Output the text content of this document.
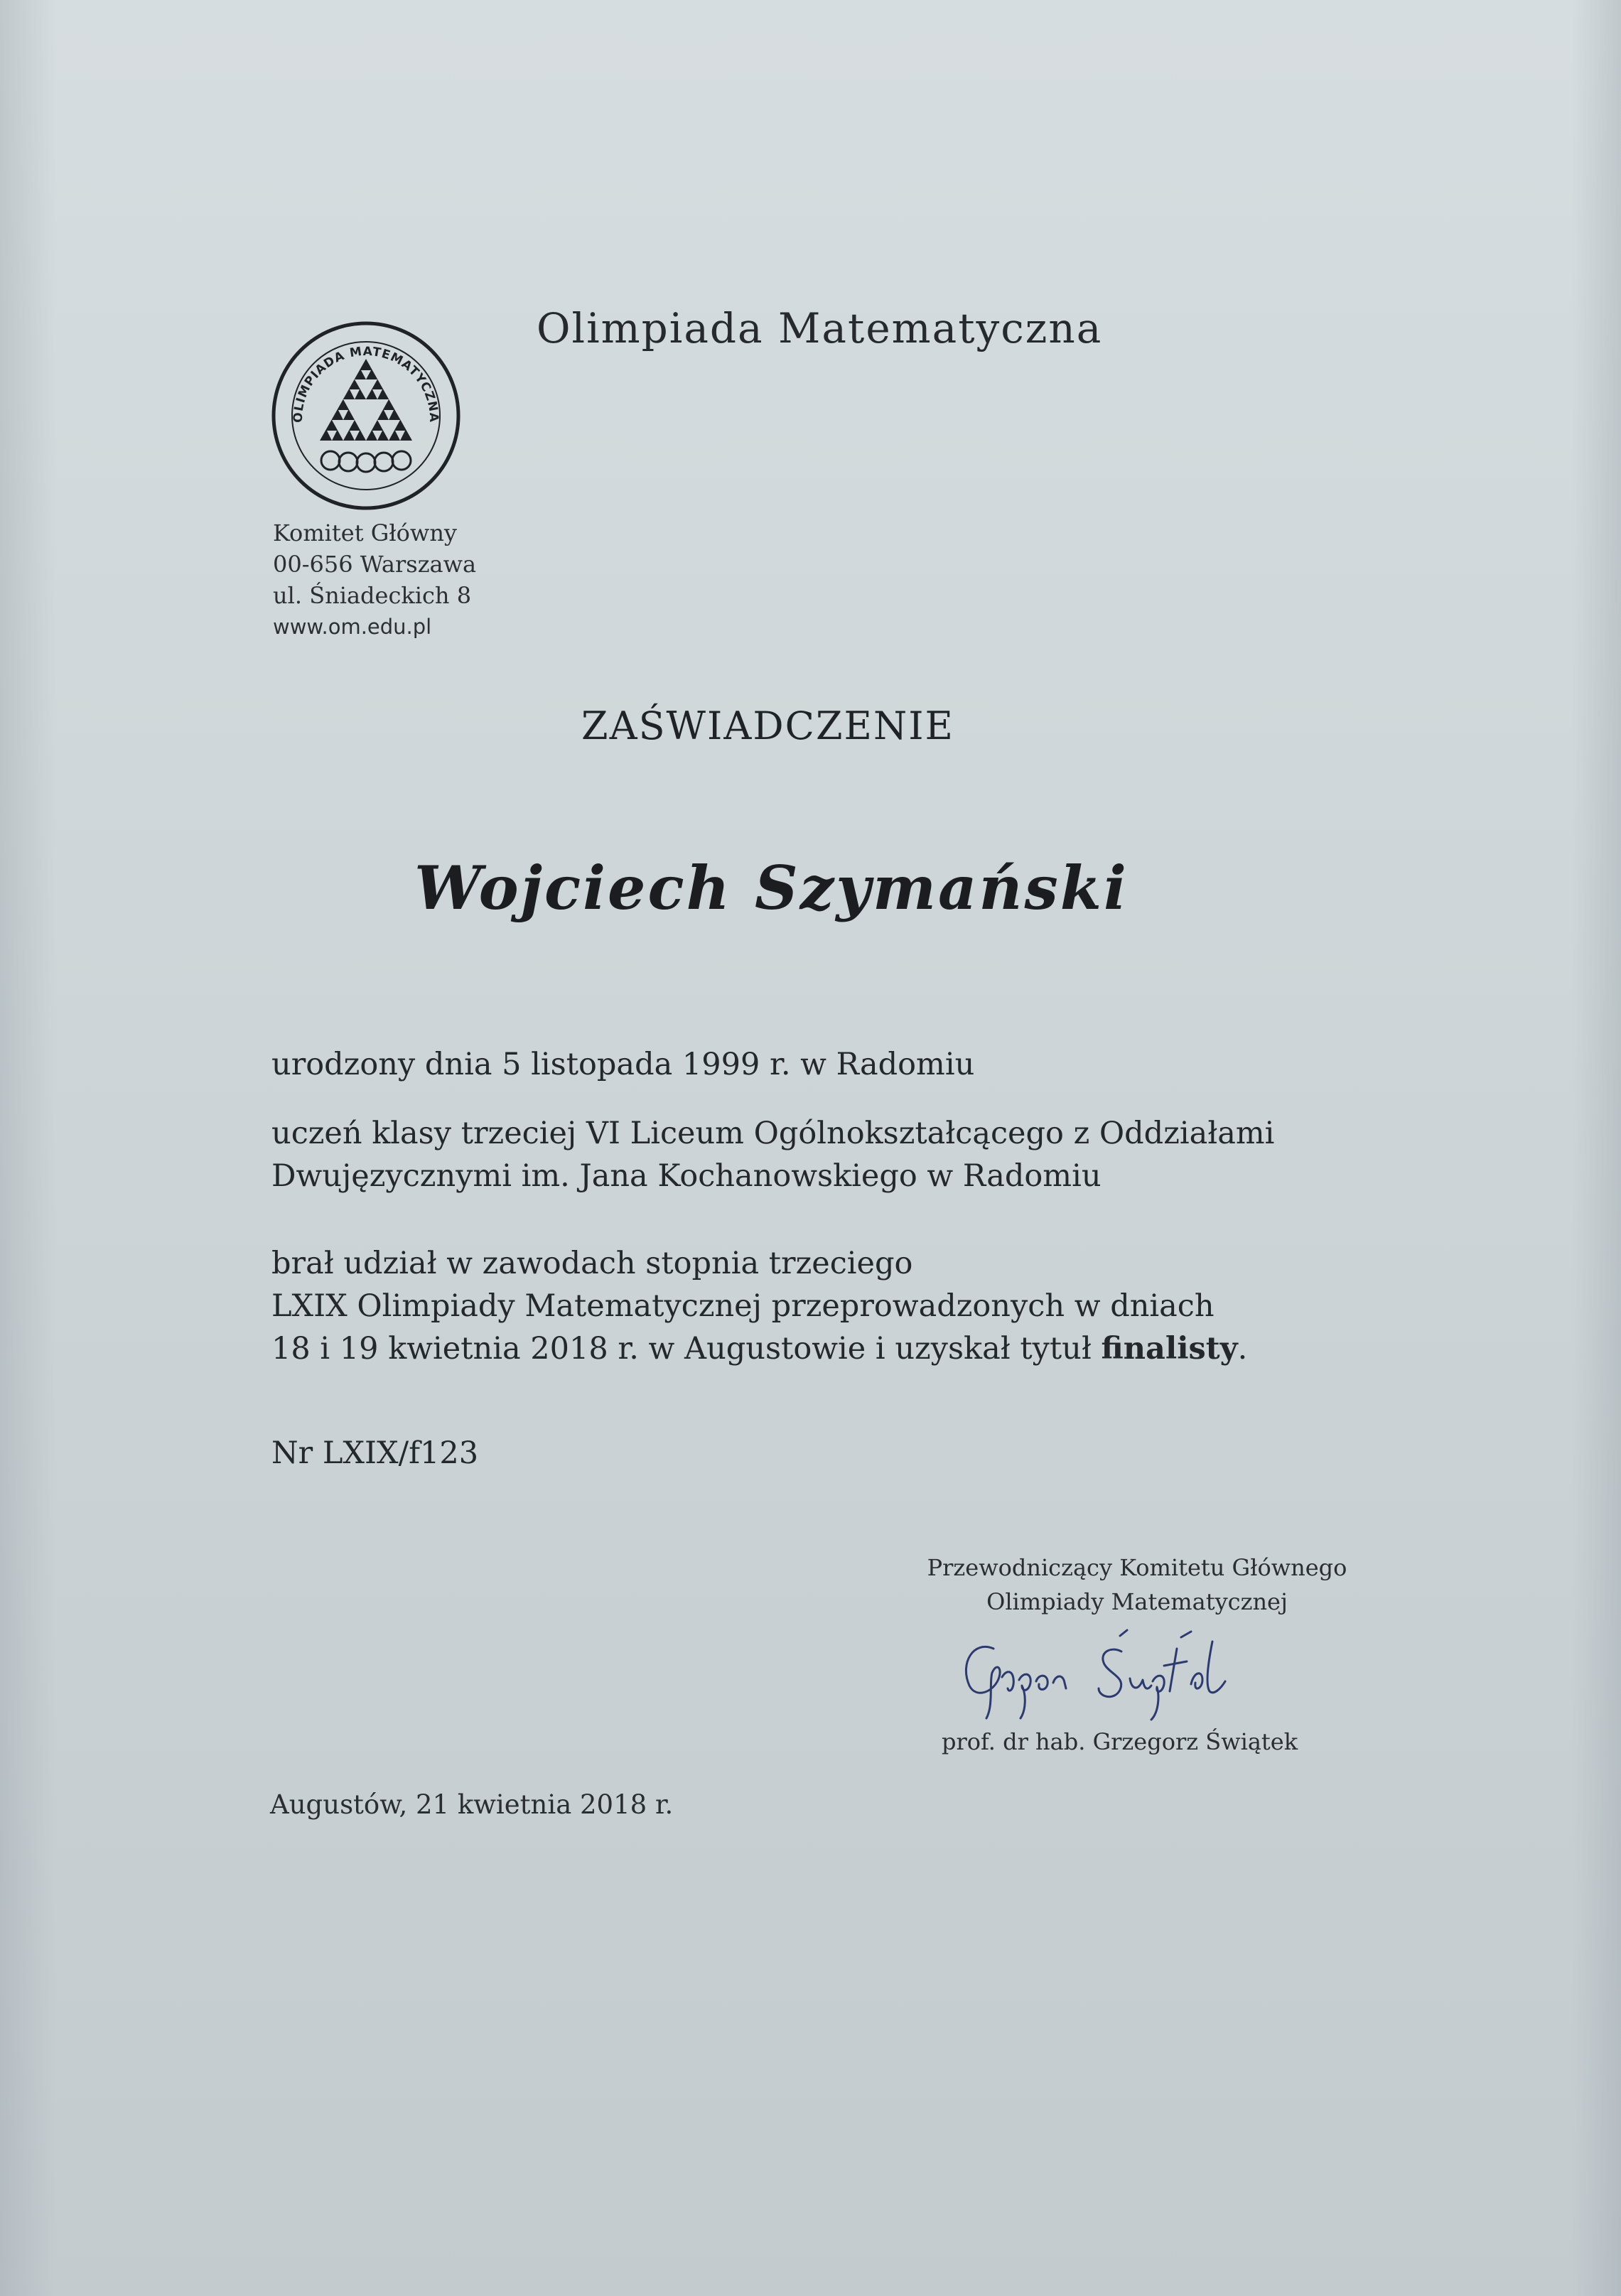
OLIMPIADA MATEMATYCZNA
Olimpiada Matematyczna
Komitet Główny
00-656 Warszawa
ul. Śniadeckich 8
www.om.edu.pl
ZAŚWIADCZENIE
Wojciech Szymański
urodzony dnia 5 listopada 1999 r. w Radomiu
uczeń klasy trzeciej VI Liceum Ogólnokształcącego z Oddziałami
Dwujęzycznymi im. Jana Kochanowskiego w Radomiu
brał udział w zawodach stopnia trzeciego
LXIX Olimpiady Matematycznej przeprowadzonych w dniach
18 i 19 kwietnia 2018 r. w Augustowie i uzyskał tytuł finalisty.
Nr LXIX/f123
Przewodniczący Komitetu Głównego
Olimpiady Matematycznej
prof. dr hab. Grzegorz Świątek
Augustów, 21 kwietnia 2018 r.
